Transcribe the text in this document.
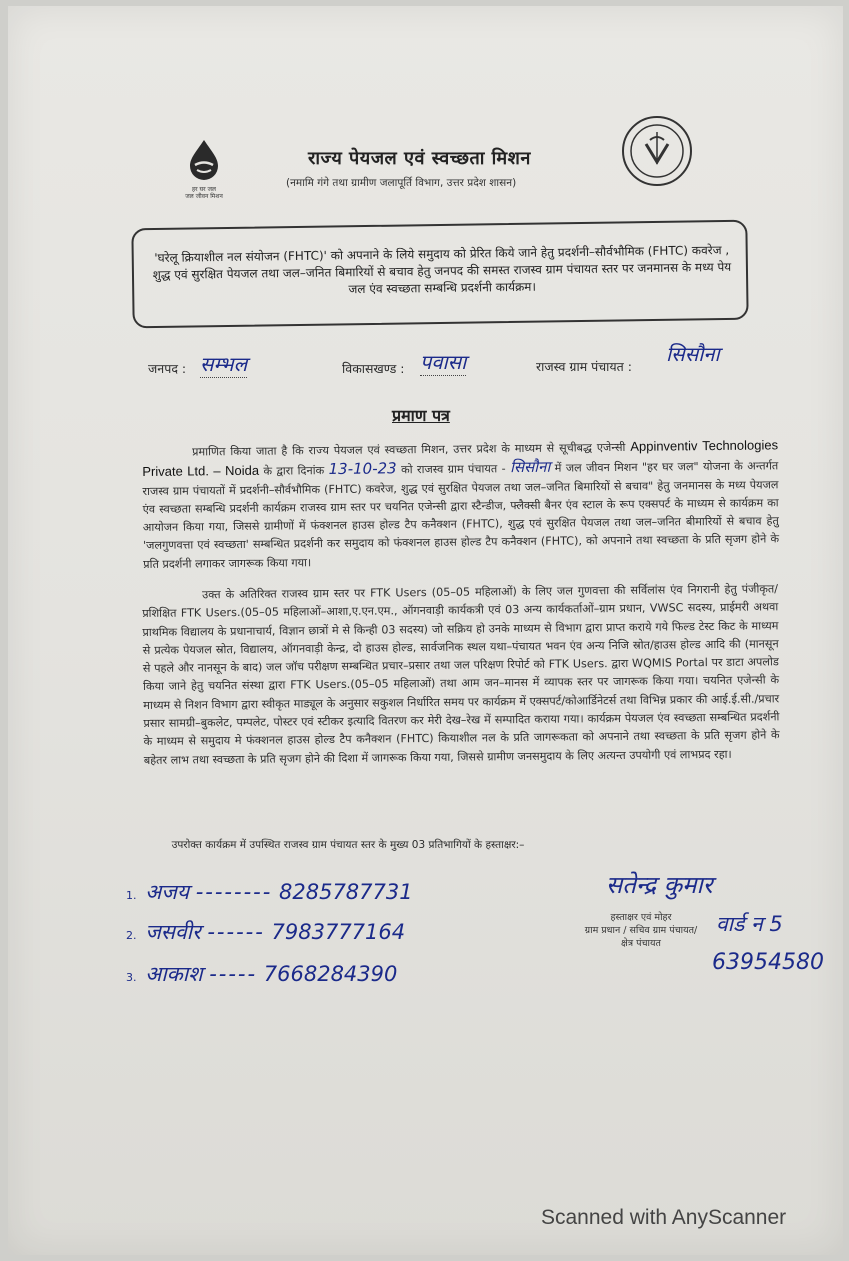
हर घर जल
जल जीवन मिशन
राज्य पेयजल एवं स्वच्छता मिशन
(नमामि गंगे तथा ग्रामीण जलापूर्ति विभाग, उत्तर प्रदेश शासन)
'घरेलू क्रियाशील नल संयोजन (FHTC)' को अपनाने के लिये समुदाय को प्रेरित किये जाने हेतु प्रदर्शनी–सौर्वभौमिक (FHTC) कवरेज , शुद्ध एवं सुरक्षित पेयजल तथा जल–जनित बिमारियों से बचाव हेतु जनपद की समस्त राजस्व ग्राम पंचायत स्तर पर जनमानस के मध्य पेय जल एंव स्वच्छता सम्बन्धि प्रदर्शनी कार्यक्रम।
जनपद : सम्भल	विकासखण्ड : पवासा	राजस्व ग्राम पंचायत :
सिसौना
प्रमाण पत्र
प्रमाणित किया जाता है कि राज्य पेयजल एवं स्वच्छता मिशन, उत्तर प्रदेश के माध्यम से सूचीबद्ध एजेन्सी Appinventiv Technologies Private Ltd. – Noida के द्वारा दिनांक 13-10-23 को राजस्व ग्राम पंचायत - सिसौना में जल जीवन मिशन "हर घर जल" योजना के अन्तर्गत राजस्व ग्राम पंचायतों में प्रदर्शनी–सौर्वभौमिक (FHTC) कवरेज, शुद्ध एवं सुरक्षित पेयजल तथा जल–जनित बिमारियों से बचाव" हेतु जनमानस के मध्य पेयजल एंव स्वच्छता सम्बन्धि प्रदर्शनी कार्यक्रम राजस्व ग्राम स्तर पर चयनित एजेन्सी द्वारा स्टैन्डीज, फ्लैक्सी बैनर एंव स्टाल के रूप एक्सपर्ट के माध्यम से कार्यक्रम का आयोजन किया गया, जिससे ग्रामीणों में फंक्शनल हाउस होल्ड टैप कनैक्शन (FHTC), शुद्ध एवं सुरक्षित पेयजल तथा जल–जनित बीमारियों से बचाव हेतु 'जलगुणवत्ता एवं स्वच्छता' सम्बन्धित प्रदर्शनी कर समुदाय को फंक्शनल हाउस होल्ड टैप कनैक्शन (FHTC), को अपनाने तथा स्वच्छता के प्रति सृजग होने के प्रति प्रदर्शनी लगाकर जागरूक किया गया।
उक्त के अतिरिक्त राजस्व ग्राम स्तर पर FTK Users (05–05 महिलाओं) के लिए जल गुणवत्ता की सर्विलांस एंव निगरानी हेतु पंजीकृत/प्रशिक्षित FTK Users.(05–05 महिलाओं–आशा,ए.एन.एम., ऑगनवाड़ी कार्यकत्री एवं 03 अन्य कार्यकर्ताओं–ग्राम प्रधान, VWSC सदस्य, प्राईमरी अथवा प्राथमिक विद्यालय के प्रधानाचार्य, विज्ञान छात्रों मे से किन्ही 03 सदस्य) जो सक्रिय हो उनके माध्यम से विभाग द्वारा प्राप्त कराये गये फिल्ड टेस्ट किट के माध्यम से प्रत्येक पेयजल स्रोत, विद्यालय, ऑगनवाड़ी केन्द्र, दो हाउस होल्ड, सार्वजनिक स्थल यथा–पंचायत भवन एंव अन्य निजि स्रोत/हाउस होल्ड आदि की (मानसून से पहले और नानसून के बाद) जल जॉच परीक्षण सम्बन्धित प्रचार–प्रसार तथा जल परिक्षण रिपोर्ट को FTK Users. द्वारा WQMIS Portal पर डाटा अपलोड किया जाने हेतु चयनित संस्था द्वारा FTK Users.(05–05 महिलाओं) तथा आम जन–मानस में व्यापक स्तर पर जागरूक किया गया। चयनित एजेन्सी के माध्यम से निशन विभाग द्वारा स्वीकृत माड्यूल के अनुसार सकुशल निर्धारित समय पर कार्यक्रम में एक्सपर्ट/कोआर्डिनेटर्स तथा विभिन्न प्रकार की आई.ई.सी./प्रचार प्रसार सामग्री–बुकलेट, पम्पलेट, पोस्टर एवं स्टीकर इत्यादि वितरण कर मेरी देख–रेख में सम्पादित कराया गया। कार्यक्रम पेयजल एंव स्वच्छता सम्बन्धित प्रदर्शनी के माध्यम से समुदाय मे फंक्शनल हाउस होल्ड टैप कनैक्शन (FHTC) कियाशील नल के प्रति जागरूकता को अपनाने तथा स्वच्छता के प्रति सृजग होने के बहेतर लाभ तथा स्वच्छता के प्रति सृजग होने की दिशा में जागरूक किया गया, जिससे ग्रामीण जनसमुदाय के लिए अत्यन्त उपयोगी एवं लाभप्रद रहा।
उपरोक्त कार्यक्रम में उपस्थित राजस्व ग्राम पंचायत स्तर के मुख्य 03 प्रतिभागियों के हस्ताक्षर:–
1. अजय -------- 8285787731
2. जसवीर ------ 7983777164
3. आकाश ----- 7668284390
सतेन्द्र कुमार
हस्ताक्षर एवं मोहर
ग्राम प्रधान / सचिव ग्राम पंचायत/
क्षेत्र पंचायत
वार्ड न 5
63954580
Scanned with AnyScanner
